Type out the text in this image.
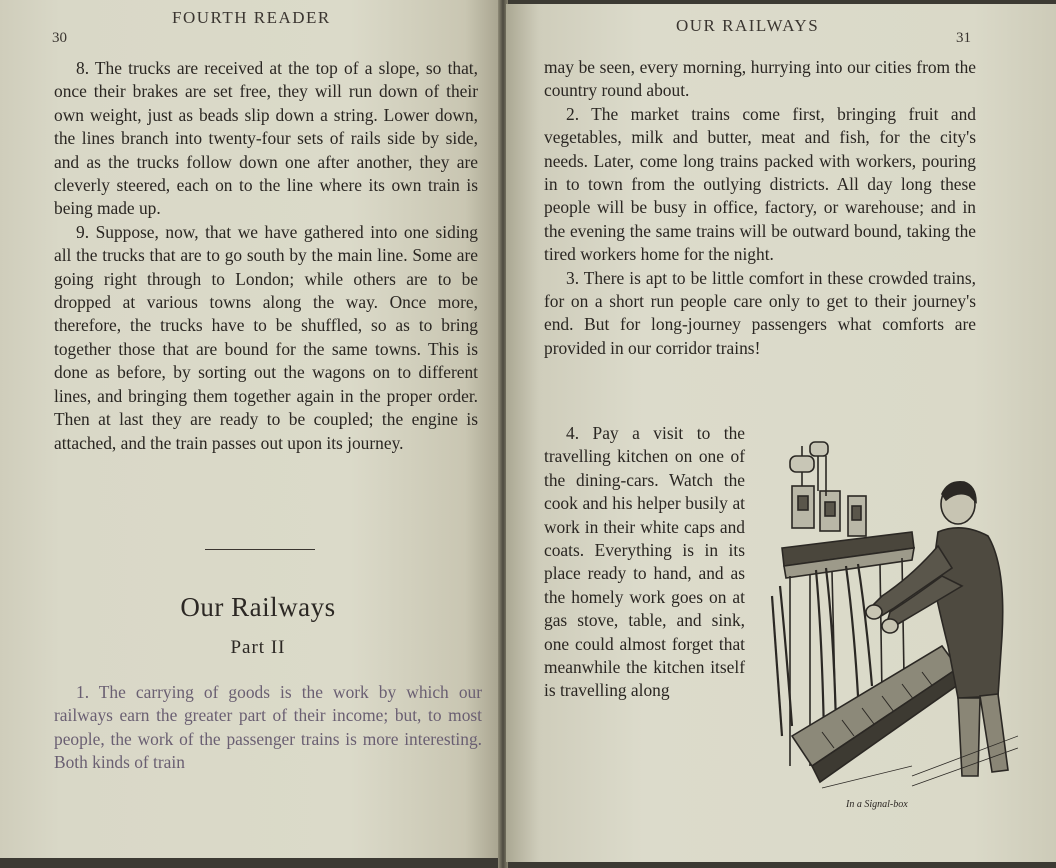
30
FOURTH READER

8. The trucks are received at the top of a slope, so that, once their brakes are set free, they will run down of their own weight, just as beads slip down a string. Lower down, the lines branch into twenty-four sets of rails side by side, and as the trucks follow down one after another, they are cleverly steered, each on to the line where its own train is being made up.

9. Suppose, now, that we have gathered into one siding all the trucks that are to go south by the main line. Some are going right through to London; while others are to be dropped at various towns along the way. Once more, therefore, the trucks have to be shuffled, so as to bring together those that are bound for the same towns. This is done as before, by sorting out the wagons on to different lines, and bringing them together again in the proper order. Then at last they are ready to be coupled; the engine is attached, and the train passes out upon its journey.

Our Railways
Part II

1. The carrying of goods is the work by which our railways earn the greater part of their income; but, to most people, the work of the passenger trains is more interesting. Both kinds of train

OUR RAILWAYS
31

may be seen, every morning, hurrying into our cities from the country round about.

2. The market trains come first, bringing fruit and vegetables, milk and butter, meat and fish, for the city's needs. Later, come long trains packed with workers, pouring in to town from the outlying districts. All day long these people will be busy in office, factory, or warehouse; and in the evening the same trains will be outward bound, taking the tired workers home for the night.

3. There is apt to be little comfort in these crowded trains, for on a short run people care only to get to their journey's end. But for long-journey passengers what comforts are provided in our corridor trains!

4. Pay a visit to the travelling kitchen on one of the dining-cars. Watch the cook and his helper busily at work in their white caps and coats. Everything is in its place ready to hand, and as the homely work goes on at gas stove, table, and sink, one could almost forget that meanwhile the kitchen itself is travelling along

In a Signal-box
